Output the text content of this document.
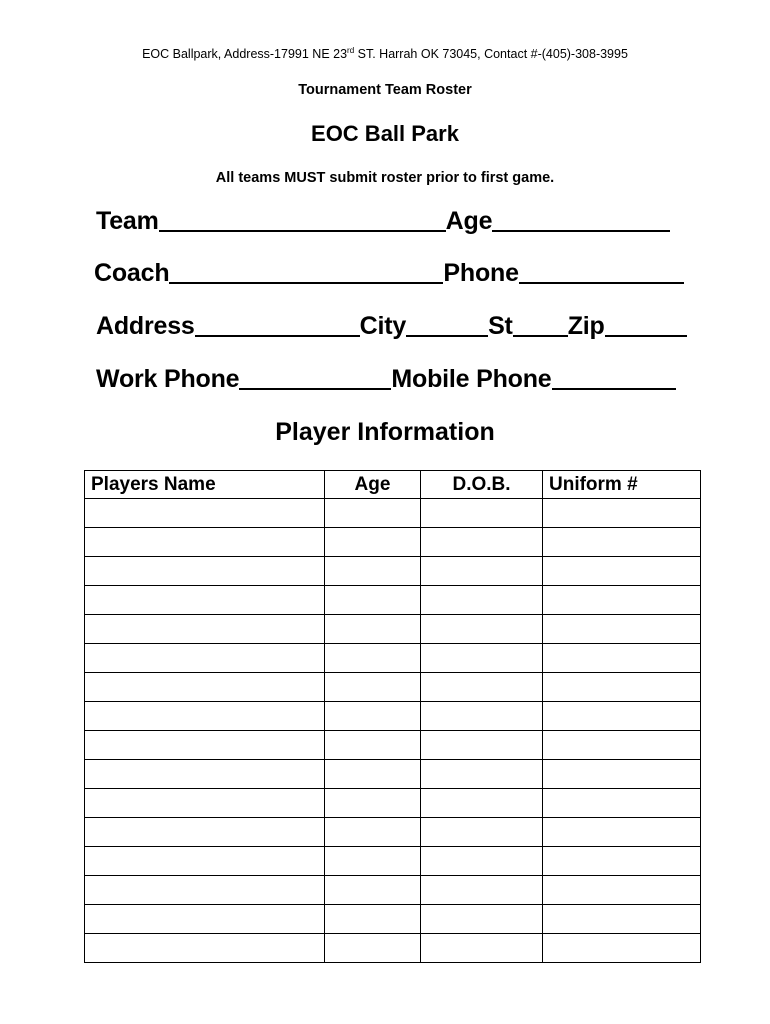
EOC Ballpark, Address-17991 NE 23rd ST. Harrah OK 73045, Contact #-(405)-308-3995
Tournament Team Roster
EOC Ball Park
All teams MUST submit roster prior to first game.
Team	Age
Coach	Phone
Address	City	St Zip
Work Phone	Mobile Phone
Player Information
Players Name	Age	D.O.B.	Uniform #
